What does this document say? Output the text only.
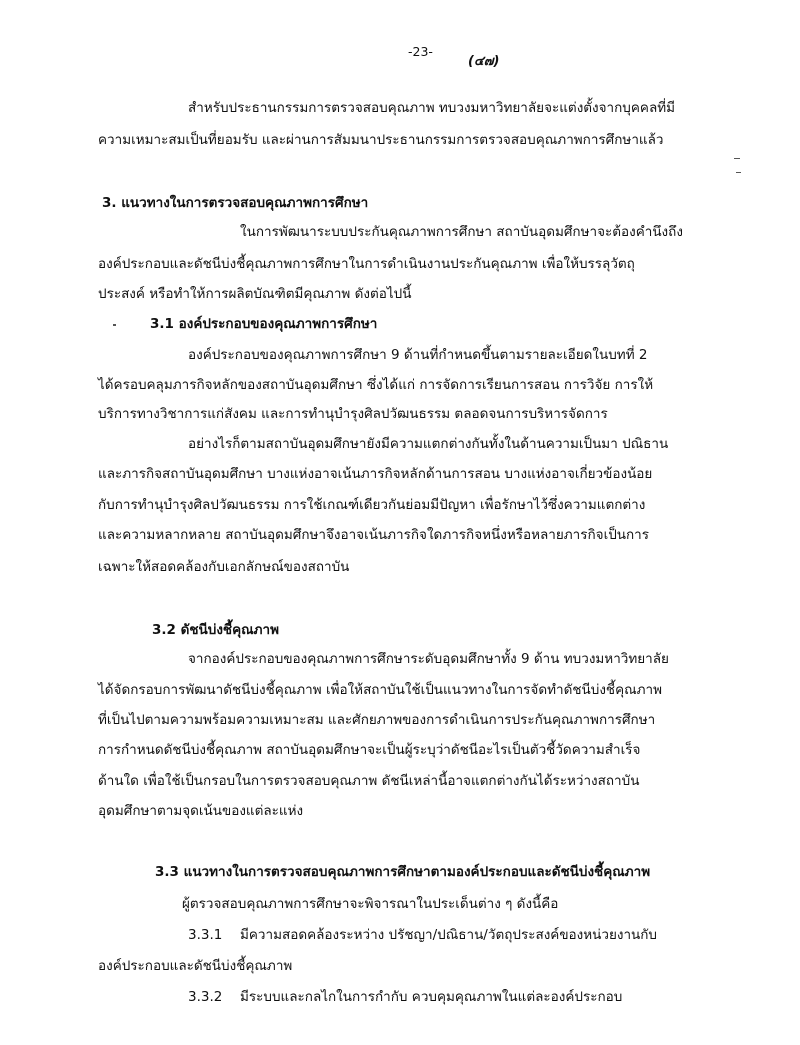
-23-
(๔๗)
สำหรับประธานกรรมการตรวจสอบคุณภาพ ทบวงมหาวิทยาลัยจะแต่งตั้งจากบุคคลที่มี
ความเหมาะสมเป็นที่ยอมรับ และผ่านการสัมมนาประธานกรรมการตรวจสอบคุณภาพการศึกษาแล้ว
3. แนวทางในการตรวจสอบคุณภาพการศึกษา
ในการพัฒนาระบบประกันคุณภาพการศึกษา สถาบันอุดมศึกษาจะต้องคำนึงถึง
องค์ประกอบและดัชนีบ่งชี้คุณภาพการศึกษาในการดำเนินงานประกันคุณภาพ เพื่อให้บรรลุวัตถุ
ประสงค์ หรือทำให้การผลิตบัณฑิตมีคุณภาพ ดังต่อไปนี้
3.1 องค์ประกอบของคุณภาพการศึกษา
องค์ประกอบของคุณภาพการศึกษา 9 ด้านที่กำหนดขึ้นตามรายละเอียดในบทที่ 2
ได้ครอบคลุมภารกิจหลักของสถาบันอุดมศึกษา ซึ่งได้แก่ การจัดการเรียนการสอน การวิจัย การให้
บริการทางวิชาการแก่สังคม และการทำนุบำรุงศิลปวัฒนธรรม ตลอดจนการบริหารจัดการ
อย่างไรก็ตามสถาบันอุดมศึกษายังมีความแตกต่างกันทั้งในด้านความเป็นมา ปณิธาน
และภารกิจสถาบันอุดมศึกษา บางแห่งอาจเน้นภารกิจหลักด้านการสอน บางแห่งอาจเกี่ยวข้องน้อย
กับการทำนุบำรุงศิลปวัฒนธรรม การใช้เกณฑ์เดียวกันย่อมมีปัญหา เพื่อรักษาไว้ซึ่งความแตกต่าง
และความหลากหลาย สถาบันอุดมศึกษาจึงอาจเน้นภารกิจใดภารกิจหนึ่งหรือหลายภารกิจเป็นการ
เฉพาะให้สอดคล้องกับเอกลักษณ์ของสถาบัน
3.2 ดัชนีบ่งชี้คุณภาพ
จากองค์ประกอบของคุณภาพการศึกษาระดับอุดมศึกษาทั้ง 9 ด้าน ทบวงมหาวิทยาลัย
ได้จัดกรอบการพัฒนาดัชนีบ่งชี้คุณภาพ เพื่อให้สถาบันใช้เป็นแนวทางในการจัดทำดัชนีบ่งชี้คุณภาพ
ที่เป็นไปตามความพร้อมความเหมาะสม และศักยภาพของการดำเนินการประกันคุณภาพการศึกษา
การกำหนดดัชนีบ่งชี้คุณภาพ สถาบันอุดมศึกษาจะเป็นผู้ระบุว่าดัชนีอะไรเป็นตัวชี้วัดความสำเร็จ
ด้านใด เพื่อใช้เป็นกรอบในการตรวจสอบคุณภาพ ดัชนีเหล่านี้อาจแตกต่างกันได้ระหว่างสถาบัน
อุดมศึกษาตามจุดเน้นของแต่ละแห่ง
3.3 แนวทางในการตรวจสอบคุณภาพการศึกษาตามองค์ประกอบและดัชนีบ่งชี้คุณภาพ
ผู้ตรวจสอบคุณภาพการศึกษาจะพิจารณาในประเด็นต่าง ๆ ดังนี้คือ
3.3.1 มีความสอดคล้องระหว่าง ปรัชญา/ปณิธาน/วัตถุประสงค์ของหน่วยงานกับ
องค์ประกอบและดัชนีบ่งชี้คุณภาพ
3.3.2 มีระบบและกลไกในการกำกับ ควบคุมคุณภาพในแต่ละองค์ประกอบ
